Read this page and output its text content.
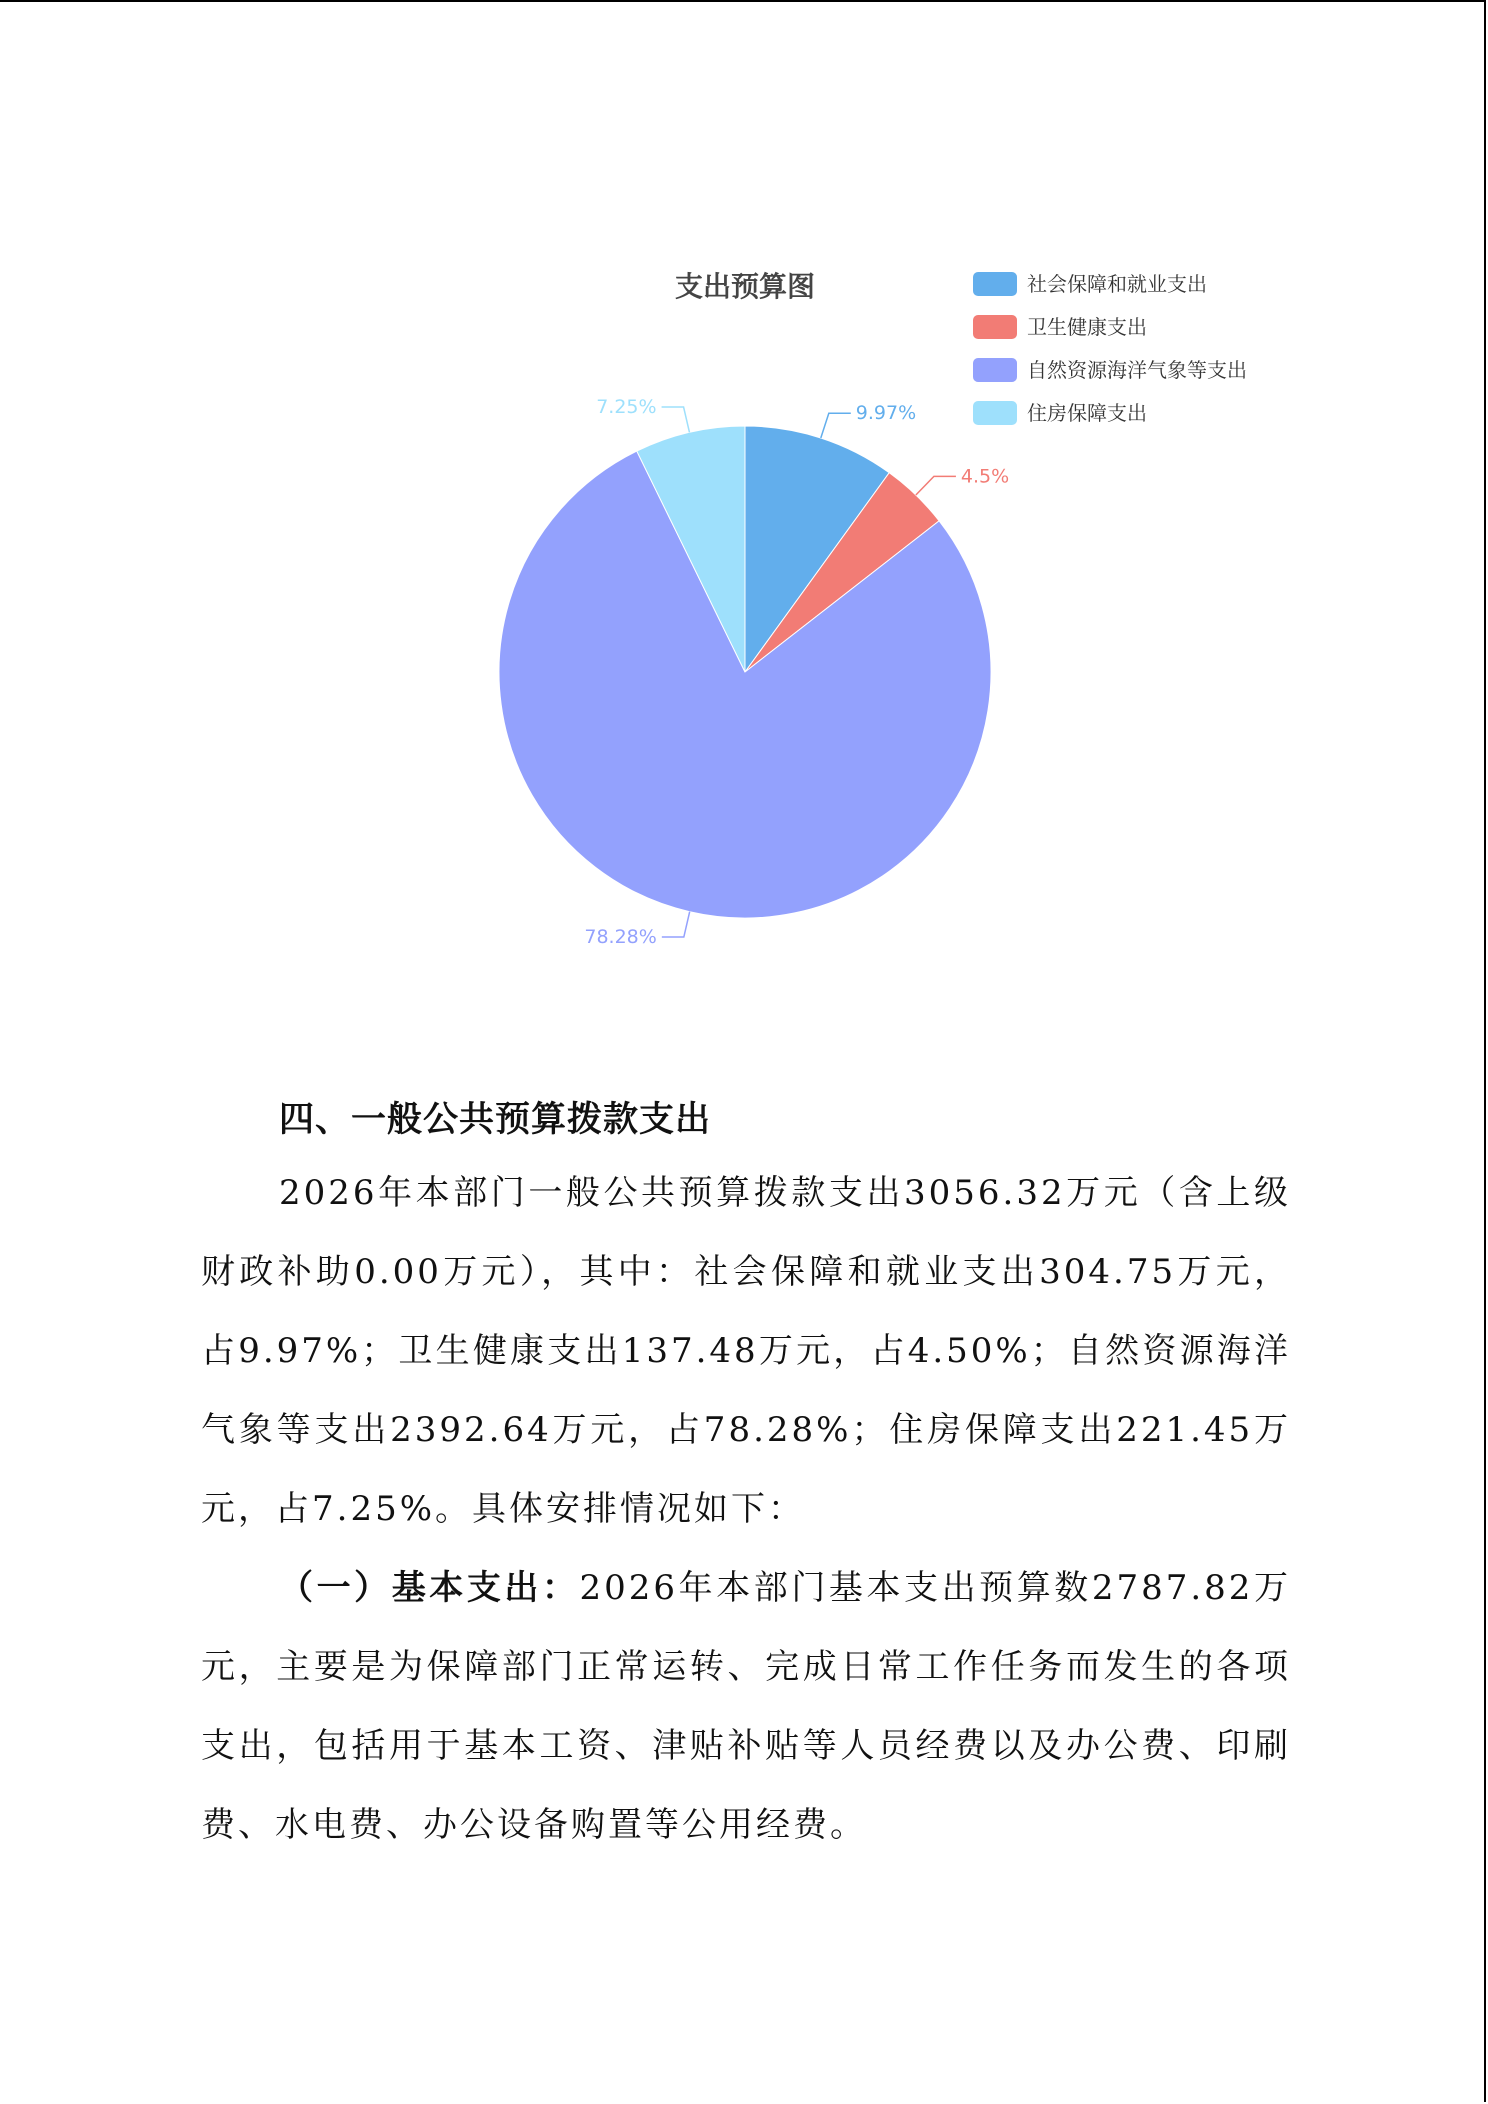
支出预算图	社会保障和就业支出
卫生健康支出
自然资源海洋气象等支出
住房保障支出
9.97%
4.5%
78.28%
7.25%
四、一般公共预算拨款支出

2026年本部门一般公共预算拨款支出3056.32万元（含上级财政补助0.00万元），其中：社会保障和就业支出304.75万元，占9.97%；卫生健康支出137.48万元，占4.50%；自然资源海洋气象等支出2392.64万元，占78.28%；住房保障支出221.45万元，占7.25%。具体安排情况如下：

（一）基本支出：2026年本部门基本支出预算数2787.82万元，主要是为保障部门正常运转、完成日常工作任务而发生的各项支出，包括用于基本工资、津贴补贴等人员经费以及办公费、印刷费、水电费、办公设备购置等公用经费。
